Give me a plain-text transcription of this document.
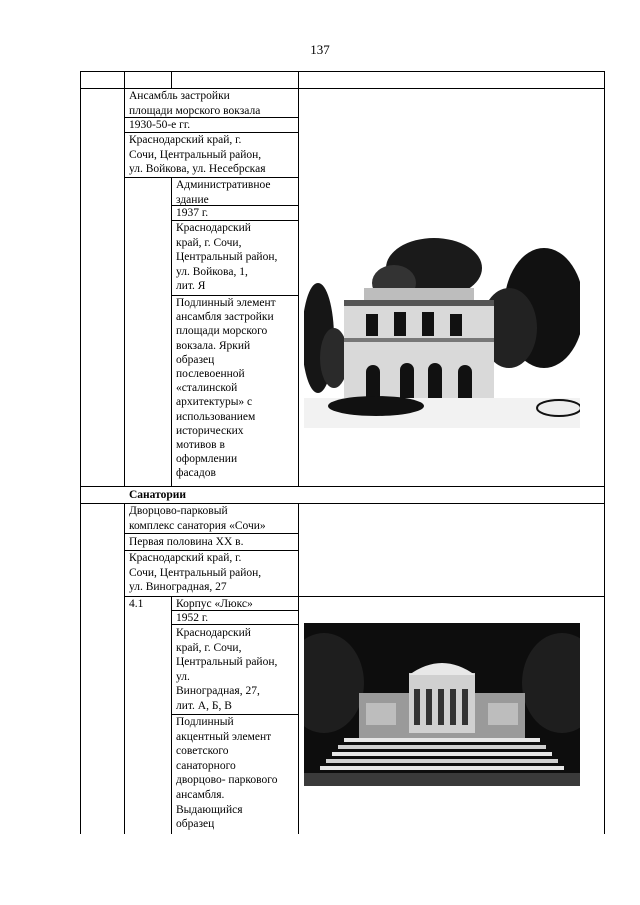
137
Ансамбль застройки
площади морского вокзала
1930-50-е гг.
Краснодарский край, г.
Сочи, Центральный район,
ул. Войкова, ул. Несебрская
Административное
здание
1937 г.
Краснодарский
край, г. Сочи,
Центральный район,
ул. Войкова, 1,
лит. Я
Подлинный элемент
ансамбля застройки
площади морского
вокзала. Яркий
образец
послевоенной
«сталинской
архитектуры» с
использованием
исторических
мотивов в
оформлении
фасадов
Санатории
Дворцово-парковый
комплекс санатория «Сочи»
Первая половина XX в.
Краснодарский край, г.
Сочи, Центральный район,
ул. Виноградная, 27
4.1	Корпус «Люкс»
1952 г.
Краснодарский
край, г. Сочи,
Центральный район,
ул.
Виноградная, 27,
лит. А, Б, В
Подлинный
акцентный элемент
советского
санаторного
дворцово- паркового
ансамбля.
Выдающийся
образец
